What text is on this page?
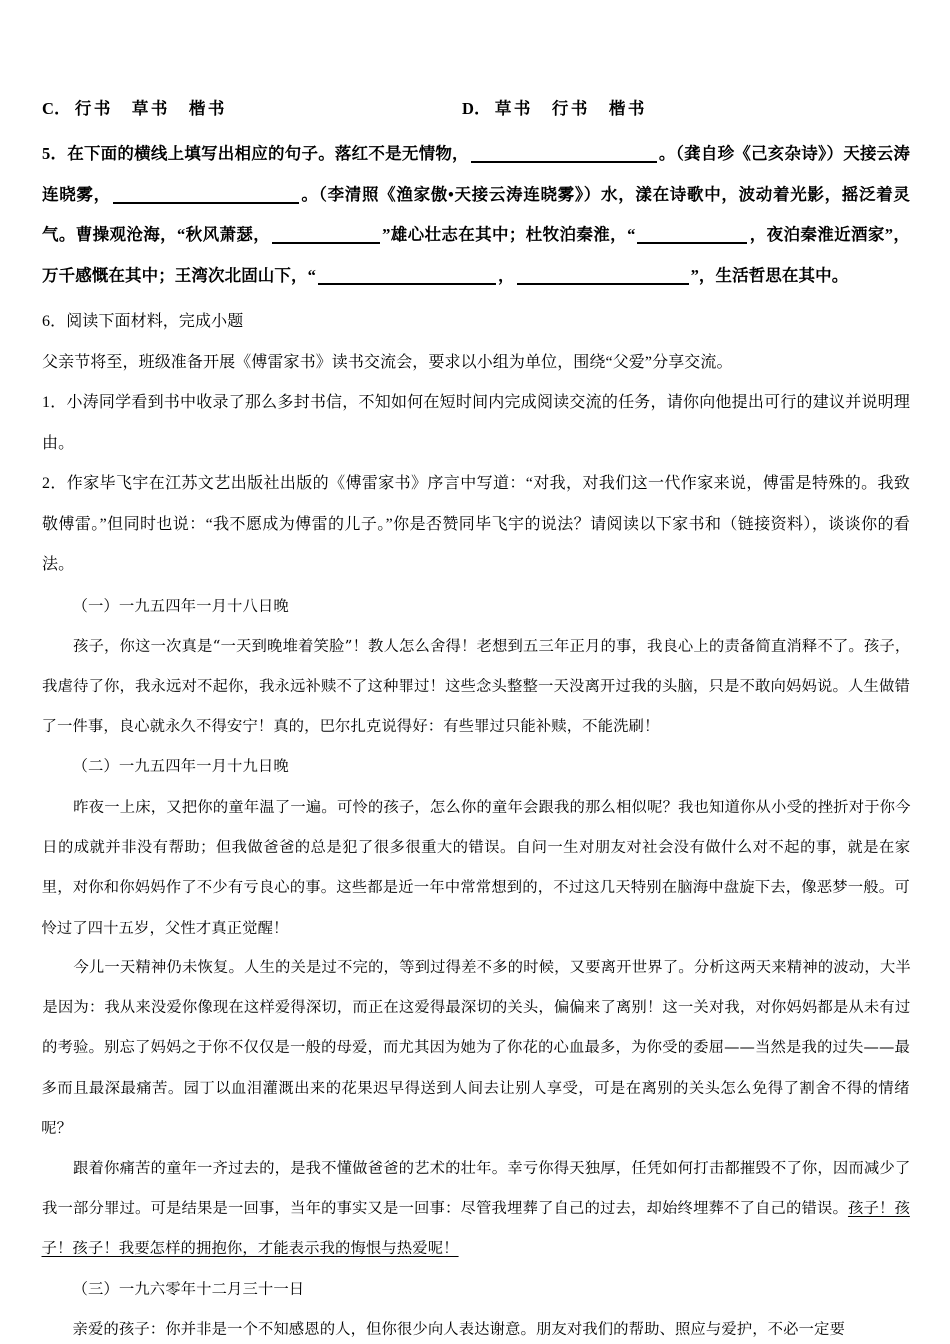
C． 行书　草书　楷书	D． 草书　行书　楷书

5．在下面的横线上填写出相应的句子。落红不是无情物，	。（龚自珍《己亥杂诗》）天接云涛连晓雾，	。（李清照《渔家傲•天接云涛连晓雾》）水，漾在诗歌中，波动着光影，摇泛着灵气。曹操观沧海，“秋风萧瑟，	”雄心壮志在其中；杜牧泊秦淮，“	，夜泊秦淮近酒家”，万千感慨在其中；王湾次北固山下，“	，	”，生活哲思在其中。

6．阅读下面材料，完成小题

父亲节将至，班级准备开展《傅雷家书》读书交流会，要求以小组为单位，围绕“父爱”分享交流。

1．小涛同学看到书中收录了那么多封书信，不知如何在短时间内完成阅读交流的任务，请你向他提出可行的建议并说明理由。

2．作家毕飞宇在江苏文艺出版社出版的《傅雷家书》序言中写道：“对我，对我们这一代作家来说，傅雷是特殊的。我致敬傅雷。”但同时也说：“我不愿成为傅雷的儿子。”你是否赞同毕飞宇的说法？请阅读以下家书和（链接资料），谈谈你的看法。

（一）一九五四年一月十八日晚

孩子，你这一次真是“一天到晚堆着笑脸”！教人怎么舍得！老想到五三年正月的事，我良心上的责备简直消释不了。孩子，我虐待了你，我永远对不起你，我永远补赎不了这种罪过！这些念头整整一天没离开过我的头脑，只是不敢向妈妈说。人生做错了一件事，良心就永久不得安宁！真的，巴尔扎克说得好：有些罪过只能补赎，不能洗刷！

（二）一九五四年一月十九日晚

昨夜一上床，又把你的童年温了一遍。可怜的孩子，怎么你的童年会跟我的那么相似呢？我也知道你从小受的挫折对于你今日的成就并非没有帮助；但我做爸爸的总是犯了很多很重大的错误。自问一生对朋友对社会没有做什么对不起的事，就是在家里，对你和你妈妈作了不少有亏良心的事。这些都是近一年中常常想到的，不过这几天特别在脑海中盘旋下去，像恶梦一般。可怜过了四十五岁，父性才真正觉醒！

今儿一天精神仍未恢复。人生的关是过不完的，等到过得差不多的时候，又要离开世界了。分析这两天来精神的波动，大半是因为：我从来没爱你像现在这样爱得深切，而正在这爱得最深切的关头，偏偏来了离别！这一关对我，对你妈妈都是从未有过的考验。别忘了妈妈之于你不仅仅是一般的母爱，而尤其因为她为了你花的心血最多，为你受的委屈——当然是我的过失——最多而且最深最痛苦。园丁以血泪灌溉出来的花果迟早得送到人间去让别人享受，可是在离别的关头怎么免得了割舍不得的情绪呢？

跟着你痛苦的童年一齐过去的，是我不懂做爸爸的艺术的壮年。幸亏你得天独厚，任凭如何打击都摧毁不了你，因而减少了我一部分罪过。可是结果是一回事，当年的事实又是一回事：尽管我埋葬了自己的过去，却始终埋葬不了自己的错误。孩子！孩子！孩子！我要怎样的拥抱你，才能表示我的悔恨与热爱呢！

（三）一九六零年十二月三十一日

亲爱的孩子：你并非是一个不知感恩的人，但你很少向人表达谢意。朋友对我们的帮助、照应与爱护，不必一定要
